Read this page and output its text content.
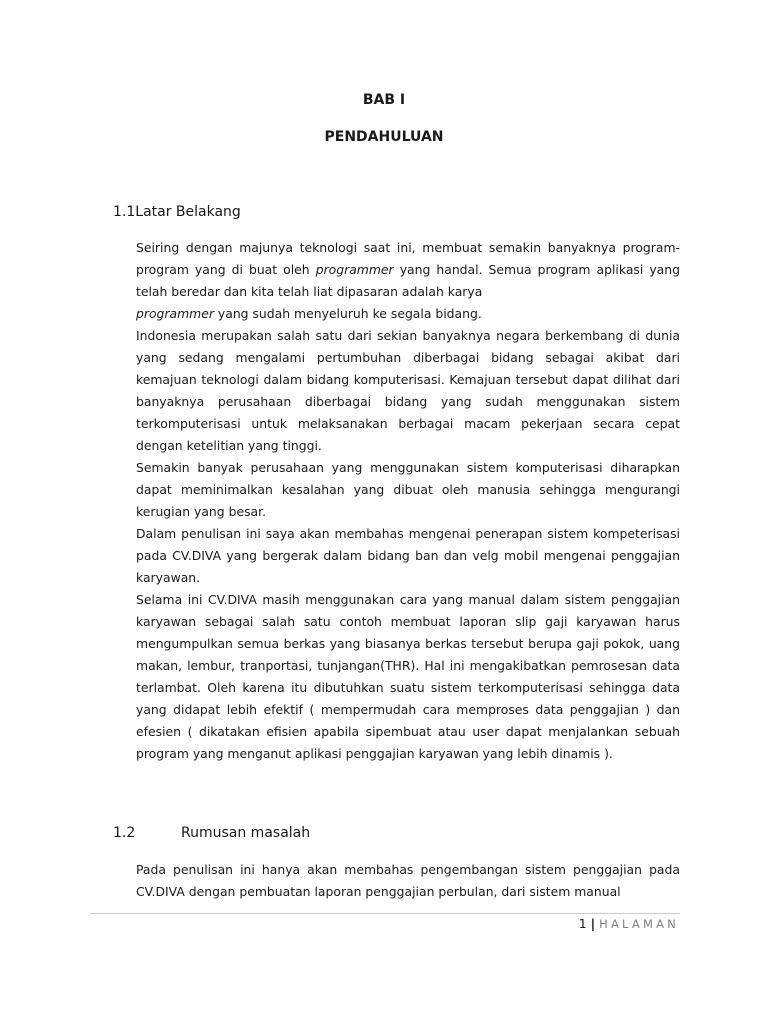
BAB I
PENDAHULUAN
1.1Latar Belakang

Seiring dengan majunya teknologi saat ini, membuat semakin banyaknya program-program yang di buat oleh programmer yang handal. Semua program aplikasi yang telah beredar dan kita telah liat dipasaran adalah karya

programmer yang sudah menyeluruh ke segala bidang.

Indonesia merupakan salah satu dari sekian banyaknya negara berkembang di dunia yang sedang mengalami pertumbuhan diberbagai bidang sebagai akibat dari kemajuan teknologi dalam bidang komputerisasi. Kemajuan tersebut dapat dilihat dari banyaknya perusahaan diberbagai bidang yang sudah menggunakan sistem terkomputerisasi untuk melaksanakan berbagai macam pekerjaan secara cepat dengan ketelitian yang tinggi.

Semakin banyak perusahaan yang menggunakan sistem komputerisasi diharapkan dapat meminimalkan kesalahan yang dibuat oleh manusia sehingga mengurangi kerugian yang besar.

Dalam penulisan ini saya akan membahas mengenai penerapan sistem kompeterisasi pada CV.DIVA yang bergerak dalam bidang ban dan velg mobil mengenai penggajian karyawan.

Selama ini CV.DIVA masih menggunakan cara yang manual dalam sistem penggajian karyawan sebagai salah satu contoh membuat laporan slip gaji karyawan harus mengumpulkan semua berkas yang biasanya berkas tersebut berupa gaji pokok, uang makan, lembur, tranportasi, tunjangan(THR). Hal ini mengakibatkan pemrosesan data terlambat. Oleh karena itu dibutuhkan suatu sistem terkomputerisasi sehingga data yang didapat lebih efektif ( mempermudah cara memproses data penggajian ) dan efesien ( dikatakan efisien apabila sipembuat atau user dapat menjalankan sebuah program yang menganut aplikasi penggajian karyawan yang lebih dinamis ).

1.2	Rumusan masalah

Pada penulisan ini hanya akan membahas pengembangan sistem penggajian pada CV.DIVA dengan pembuatan laporan penggajian perbulan, dari sistem manual

1 | HALAMAN
